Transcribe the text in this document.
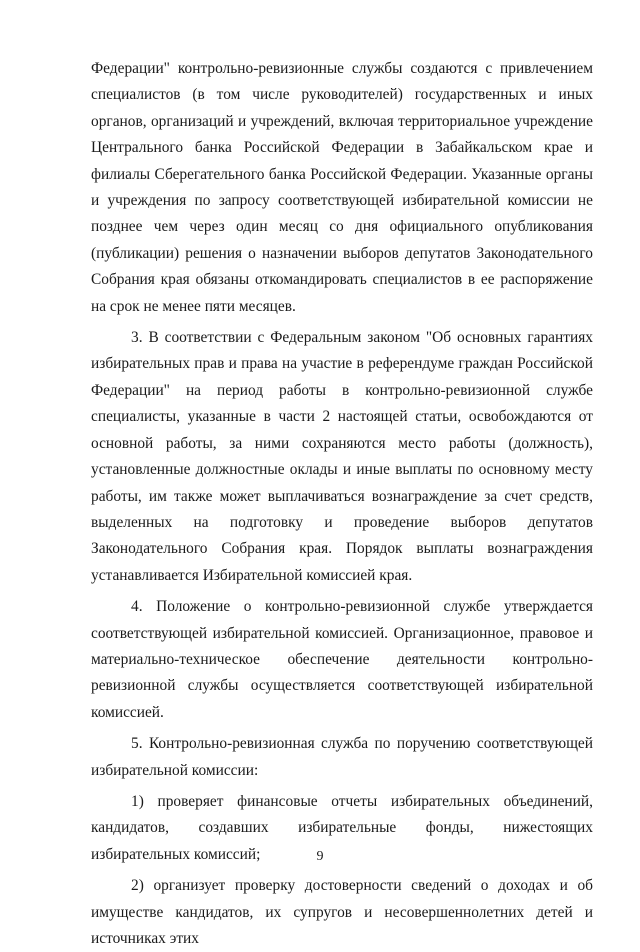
Федерации" контрольно-ревизионные службы создаются с привлечением специалистов (в том числе руководителей) государственных и иных органов, организаций и учреждений, включая территориальное учреждение Центрального банка Российской Федерации в Забайкальском крае и филиалы Сберегательного банка Российской Федерации. Указанные органы и учреждения по запросу соответствующей избирательной комиссии не позднее чем через один месяц со дня официального опубликования (публикации) решения о назначении выборов депутатов Законодательного Собрания края обязаны откомандировать специалистов в ее распоряжение на срок не менее пяти месяцев.

3. В соответствии с Федеральным законом "Об основных гарантиях избирательных прав и права на участие в референдуме граждан Российской Федерации" на период работы в контрольно-ревизионной службе специалисты, указанные в части 2 настоящей статьи, освобождаются от основной работы, за ними сохраняются место работы (должность), установленные должностные оклады и иные выплаты по основному месту работы, им также может выплачиваться вознаграждение за счет средств, выделенных на подготовку и проведение выборов депутатов Законодательного Собрания края. Порядок выплаты вознаграждения устанавливается Избирательной комиссией края.

4. Положение о контрольно-ревизионной службе утверждается соответствующей избирательной комиссией. Организационное, правовое и материально-техническое обеспечение деятельности контрольно-ревизионной службы осуществляется соответствующей избирательной комиссией.

5. Контрольно-ревизионная служба по поручению соответствующей избирательной комиссии:

1) проверяет финансовые отчеты избирательных объединений, кандидатов, создавших избирательные фонды, нижестоящих избирательных комиссий;

2) организует проверку достоверности сведений о доходах и об имуществе кандидатов, их супругов и несовершеннолетних детей и источниках этих

9
